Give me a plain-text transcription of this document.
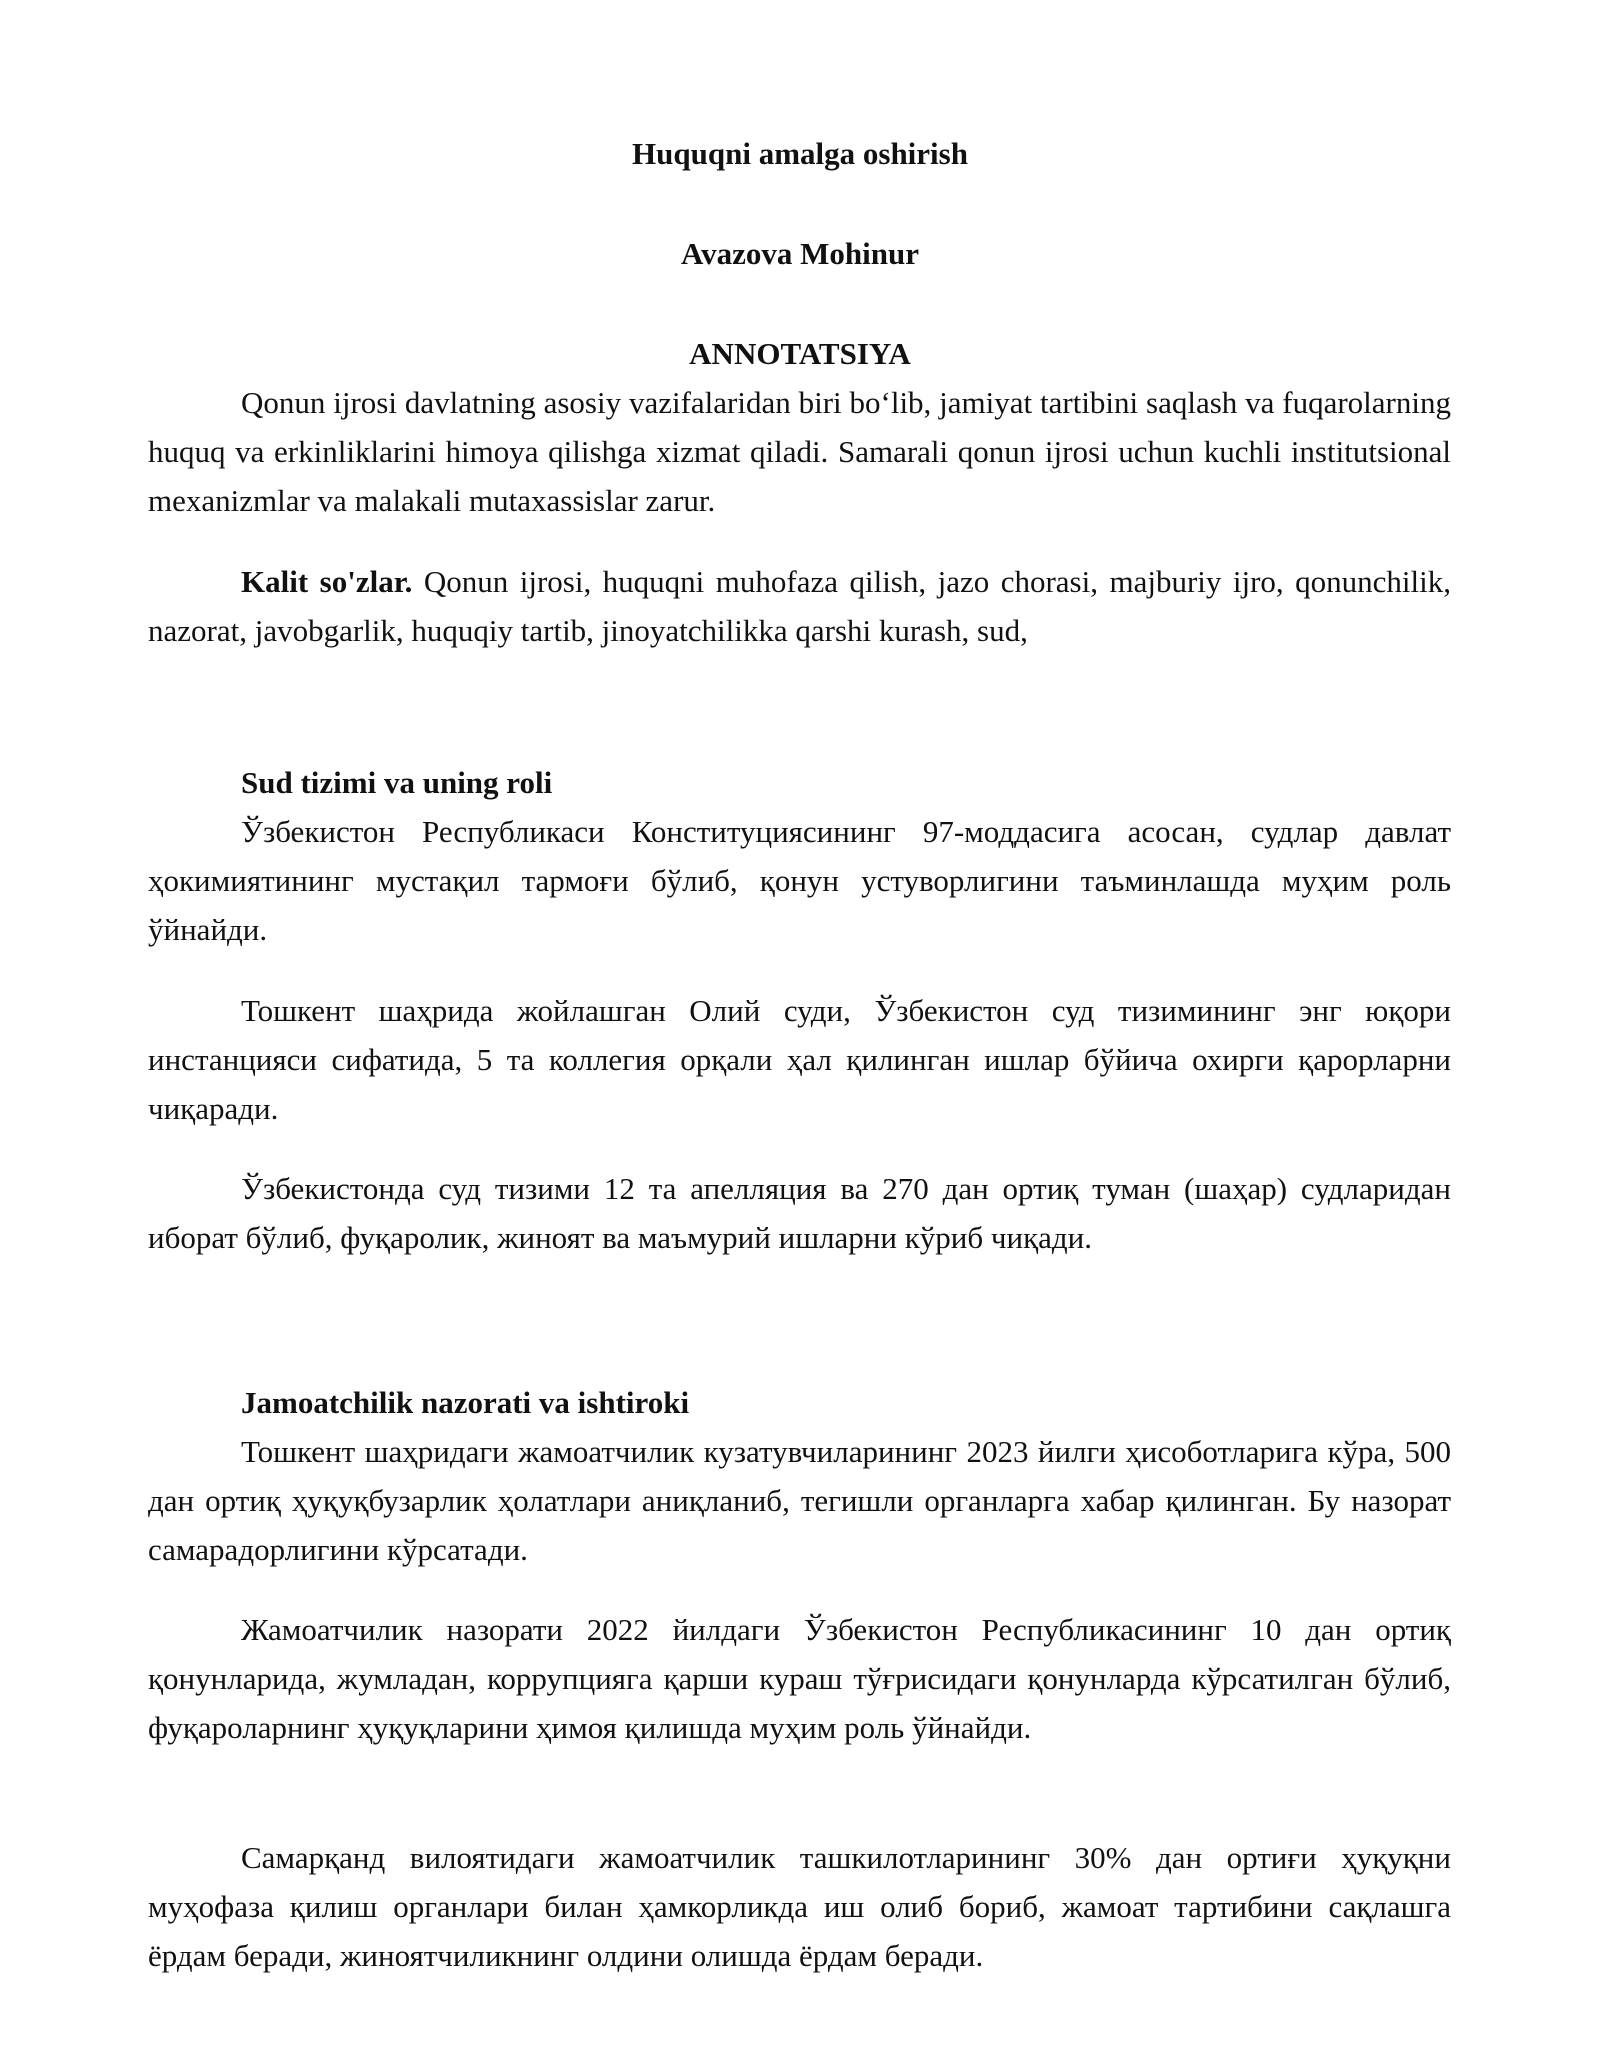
Huquqni amalga oshirish
Avazova Mohinur
ANNOTATSIYA

Qonun ijrosi davlatning asosiy vazifalaridan biri bo‘lib, jamiyat tartibini saqlash va fuqarolarning huquq va erkinliklarini himoya qilishga xizmat qiladi. Samarali qonun ijrosi uchun kuchli institutsional mexanizmlar va malakali mutaxassislar zarur.

Kalit so'zlar. Qonun ijrosi, huquqni muhofaza qilish, jazo chorasi, majburiy ijro, qonunchilik, nazorat, javobgarlik, huquqiy tartib, jinoyatchilikka qarshi kurash, sud,

Sud tizimi va uning roli

Ўзбекистон Республикаси Конституциясининг 97-моддасига асосан, судлар давлат ҳокимиятининг мустақил тармоғи бўлиб, қонун устуворлигини таъминлашда муҳим роль ўйнайди.

Тошкент шаҳрида жойлашган Олий суди, Ўзбекистон суд тизимининг энг юқори инстанцияси сифатида, 5 та коллегия орқали ҳал қилинган ишлар бўйича охирги қарорларни чиқаради.

Ўзбекистонда суд тизими 12 та апелляция ва 270 дан ортиқ туман (шаҳар) судларидан иборат бўлиб, фуқаролик, жиноят ва маъмурий ишларни кўриб чиқади.

Jamoatchilik nazorati va ishtiroki

Тошкент шаҳридаги жамоатчилик кузатувчиларининг 2023 йилги ҳисоботларига кўра, 500 дан ортиқ ҳуқуқбузарлик ҳолатлари аниқланиб, тегишли органларга хабар қилинган. Бу назорат самарадорлигини кўрсатади.

Жамоатчилик назорати 2022 йилдаги Ўзбекистон Республикасининг 10 дан ортиқ қонунларида, жумладан, коррупцияга қарши кураш тўғрисидаги қонунларда кўрсатилган бўлиб, фуқароларнинг ҳуқуқларини ҳимоя қилишда муҳим роль ўйнайди.

Самарқанд вилоятидаги жамоатчилик ташкилотларининг 30% дан ортиғи ҳуқуқни муҳофаза қилиш органлари билан ҳамкорликда иш олиб бориб, жамоат тартибини сақлашга ёрдам беради, жиноятчиликнинг олдини олишда ёрдам беради.
